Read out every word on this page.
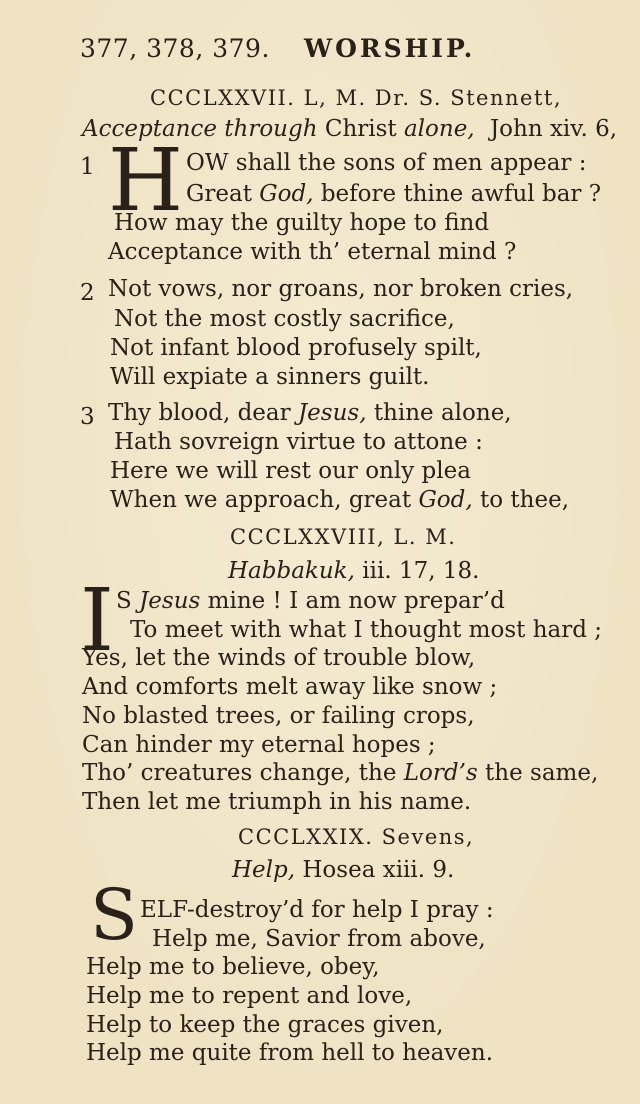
377, 378, 379. WORSHIP.
CCCLXXVII. L, M. Dr. S. Stennett,
Acceptance through Christ alone, John xiv. 6,
1 H OW shall the sons of men appear :
Great God, before thine awful bar ?
How may the guilty hope to find
Acceptance with th’ eternal mind ?
2 Not vows, nor groans, nor broken cries,
Not the most costly sacrifice,
Not infant blood profusely spilt,
Will expiate a sinners guilt.
3 Thy blood, dear Jesus, thine alone,
Hath sovreign virtue to attone :
Here we will rest our only plea
When we approach, great God, to thee,
CCCLXXVIII, L. M.
Habbakuk, iii. 17, 18.
I S Jesus mine ! I am now prepar’d
To meet with what I thought most hard ;
Yes, let the winds of trouble blow,
And comforts melt away like snow ;
No blasted trees, or failing crops,
Can hinder my eternal hopes ;
Tho’ creatures change, the Lord’s the same,
Then let me triumph in his name.
CCCLXXIX. Sevens,
Help, Hosea xiii. 9.
S ELF-destroy’d for help I pray :
Help me, Savior from above,
Help me to believe, obey,
Help me to repent and love,
Help to keep the graces given,
Help me quite from hell to heaven.
